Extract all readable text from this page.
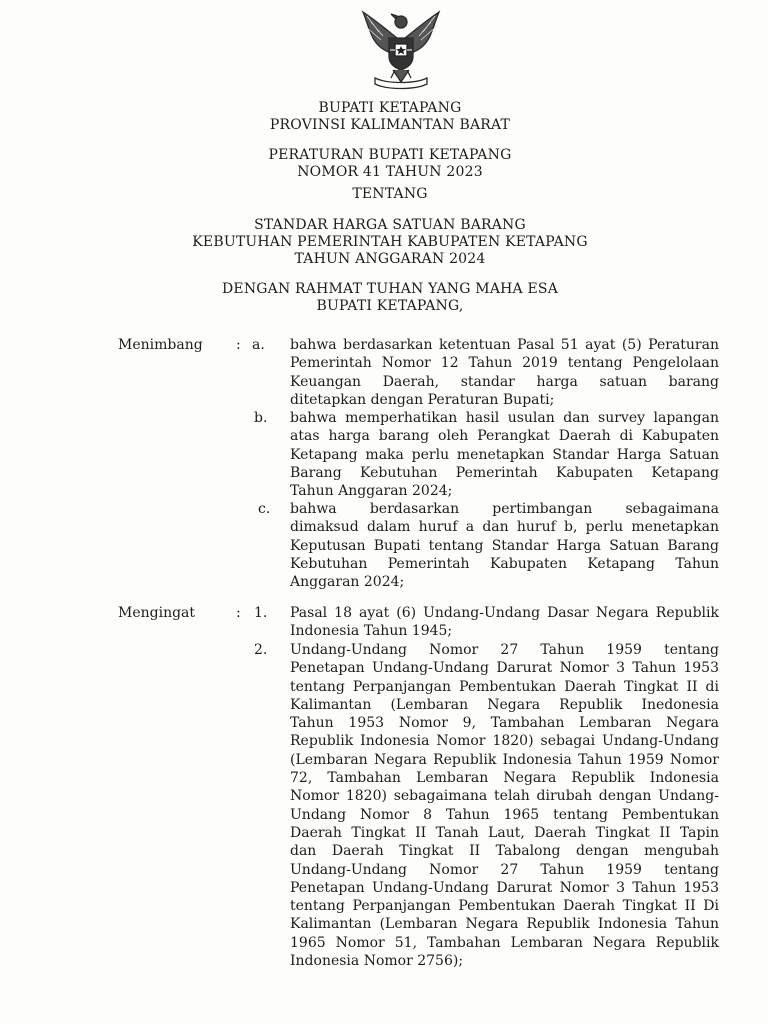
BUPATI KETAPANG
PROVINSI KALIMANTAN BARAT
PERATURAN BUPATI KETAPANG
NOMOR 41 TAHUN 2023
TENTANG
STANDAR HARGA SATUAN BARANG
KEBUTUHAN PEMERINTAH KABUPATEN KETAPANG
TAHUN ANGGARAN 2024
DENGAN RAHMAT TUHAN YANG MAHA ESA
BUPATI KETAPANG,
Menimbang : a. bahwa berdasarkan ketentuan Pasal 51 ayat (5) Peraturan
Pemerintah Nomor 12 Tahun 2019 tentang Pengelolaan
Keuangan Daerah, standar harga satuan barang
ditetapkan dengan Peraturan Bupati;
b. bahwa memperhatikan hasil usulan dan survey lapangan
atas harga barang oleh Perangkat Daerah di Kabupaten
Ketapang maka perlu menetapkan Standar Harga Satuan
Barang Kebutuhan Pemerintah Kabupaten Ketapang
Tahun Anggaran 2024;
c. bahwa berdasarkan pertimbangan sebagaimana
dimaksud dalam huruf a dan huruf b, perlu menetapkan
Keputusan Bupati tentang Standar Harga Satuan Barang
Kebutuhan Pemerintah Kabupaten Ketapang Tahun
Anggaran 2024;
Mengingat	: 1. Pasal 18 ayat (6) Undang-Undang Dasar Negara Republik
Indonesia Tahun 1945;
2. Undang-Undang Nomor 27 Tahun 1959 tentang
Penetapan Undang-Undang Darurat Nomor 3 Tahun 1953
tentang Perpanjangan Pembentukan Daerah Tingkat II di
Kalimantan (Lembaran Negara Republik Inedonesia
Tahun 1953 Nomor 9, Tambahan Lembaran Negara
Republik Indonesia Nomor 1820) sebagai Undang-Undang
(Lembaran Negara Republik Indonesia Tahun 1959 Nomor
72, Tambahan Lembaran Negara Republik Indonesia
Nomor 1820) sebagaimana telah dirubah dengan Undang-
Undang Nomor 8 Tahun 1965 tentang Pembentukan
Daerah Tingkat II Tanah Laut, Daerah Tingkat II Tapin
dan Daerah Tingkat II Tabalong dengan mengubah
Undang-Undang Nomor 27 Tahun 1959 tentang
Penetapan Undang-Undang Darurat Nomor 3 Tahun 1953
tentang Perpanjangan Pembentukan Daerah Tingkat II Di
Kalimantan (Lembaran Negara Republik Indonesia Tahun
1965 Nomor 51, Tambahan Lembaran Negara Republik
Indonesia Nomor 2756);
